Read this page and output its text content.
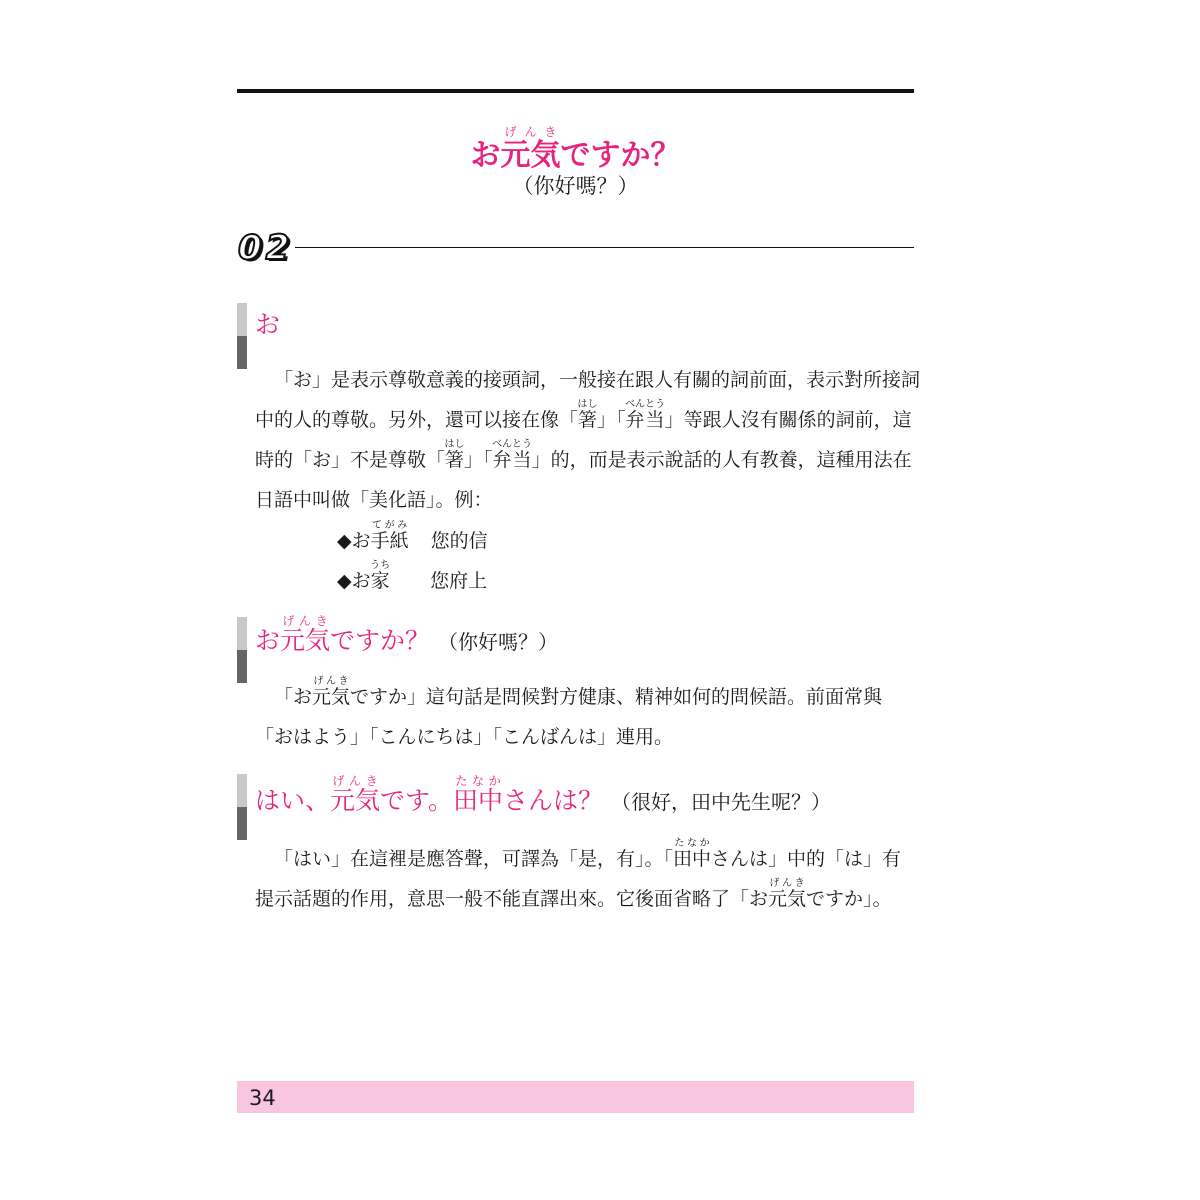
お元気げんきですか？
（你好嗎？）
02
お
「お」是表示尊敬意義的接頭詞，一般接在跟人有關的詞前面，表示對所接詞中的人的尊敬。另外，還可以接在像「箸はし」「弁当べんとう」等跟人沒有關係的詞前，這時的「お」不是尊敬「箸はし」「弁当べんとう」的，而是表示說話的人有教養，這種用法在日語中叫做「美化語」。例：
◆お手紙てがみ您的信
◆お家うち您府上
お元気げんきですか？ （你好嗎？）
「お元気げんきですか」這句話是問候對方健康、精神如何的問候語。前面常與「おはよう」「こんにちは」「こんばんは」連用。
はい、元気げんきです。田中たなかさんは？ （很好，田中先生呢？）
「はい」在這裡是應答聲，可譯為「是，有」。「田中たなかさんは」中的「は」有提示話題的作用，意思一般不能直譯出來。它後面省略了「お元気げんきですか」。
34
